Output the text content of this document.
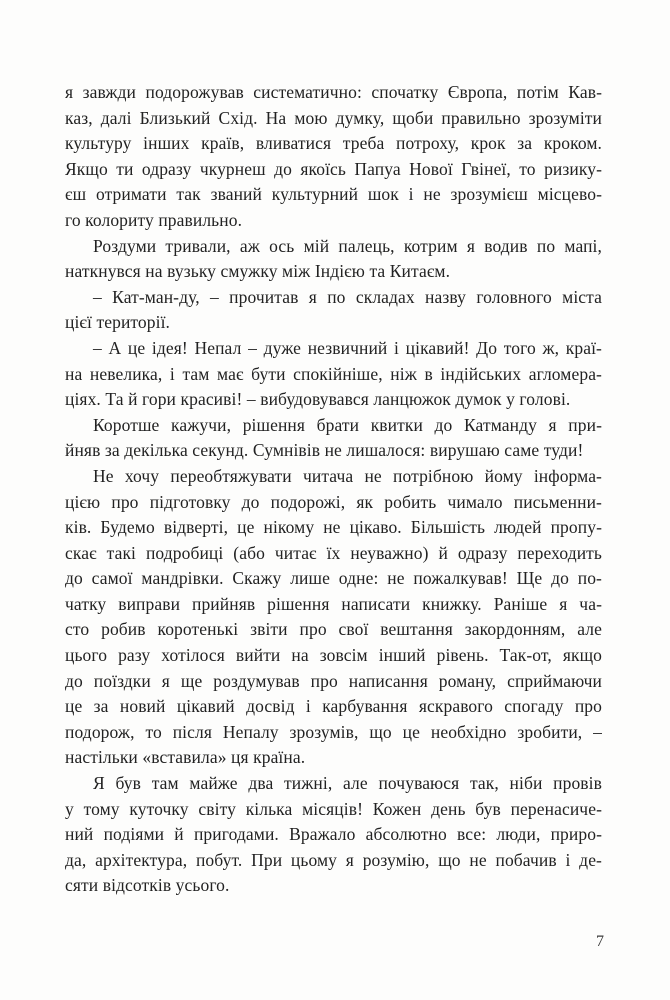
я завжди подорожував систематично: спочатку Європа, потім Кав-
каз, далі Близький Схід. На мою думку, щоби правильно зрозуміти
культуру інших країв, вливатися треба потроху, крок за кроком.
Якщо ти одразу чкурнеш до якоїсь Папуа Нової Гвінеї, то ризику-
єш отримати так званий культурний шок і не зрозумієш місцево-
го колориту правильно.
Роздуми тривали, аж ось мій палець, котрим я водив по мапі,
наткнувся на вузьку смужку між Індією та Китаєм.
– Кат-ман-ду, – прочитав я по складах назву головного міста
цієї території.
– А це ідея! Непал – дуже незвичний і цікавий! До того ж, краї-
на невелика, і там має бути спокійніше, ніж в індійських агломера-
ціях. Та й гори красиві! – вибудовувався ланцюжок думок у голові.
Коротше кажучи, рішення брати квитки до Катманду я при-
йняв за декілька секунд. Сумнівів не лишалося: вирушаю саме туди!
Не хочу переобтяжувати читача не потрібною йому інформа-
цією про підготовку до подорожі, як робить чимало письменни-
ків. Будемо відверті, це нікому не цікаво. Більшість людей пропу-
скає такі подробиці (або читає їх неуважно) й одразу переходить
до самої мандрівки. Скажу лише одне: не пожалкував! Ще до по-
чатку виправи прийняв рішення написати книжку. Раніше я ча-
сто робив коротенькі звіти про свої вештання закордонням, але
цього разу хотілося вийти на зовсім інший рівень. Так-от, якщо
до поїздки я ще роздумував про написання роману, сприймаючи
це за новий цікавий досвід і карбування яскравого спогаду про
подорож, то після Непалу зрозумів, що це необхідно зробити, –
настільки «вставила» ця країна.
Я був там майже два тижні, але почуваюся так, ніби провів
у тому куточку світу кілька місяців! Кожен день був перенасиче-
ний подіями й пригодами. Вражало абсолютно все: люди, приро-
да, архітектура, побут. При цьому я розумію, що не побачив і де-
сяти відсотків усього.
7
